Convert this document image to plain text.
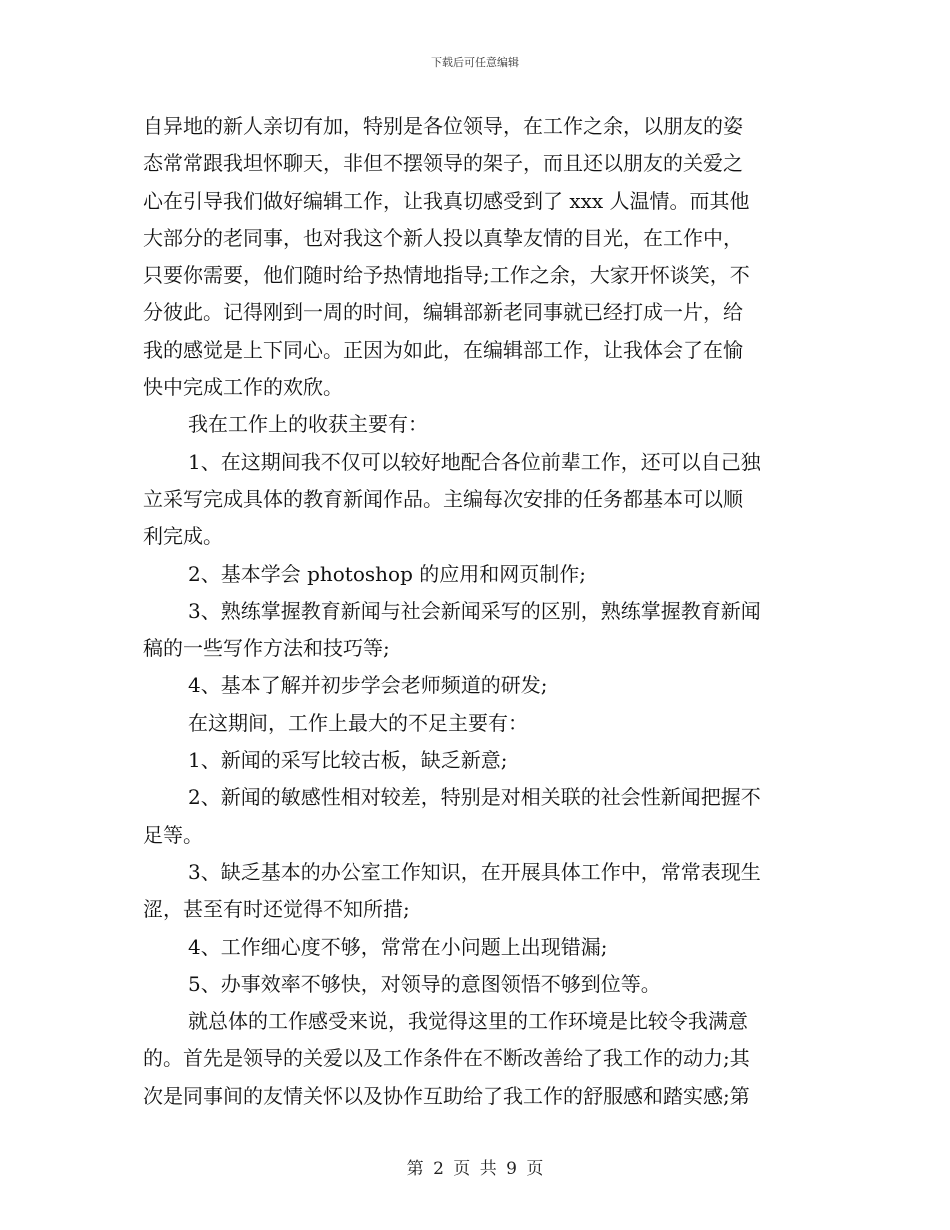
下载后可任意编辑
自异地的新人亲切有加，特别是各位领导，在工作之余，以朋友的姿
态常常跟我坦怀聊天，非但不摆领导的架子，而且还以朋友的关爱之
心在引导我们做好编辑工作，让我真切感受到了 xxx 人温情。而其他
大部分的老同事，也对我这个新人投以真挚友情的目光，在工作中，
只要你需要，他们随时给予热情地指导;工作之余，大家开怀谈笑，不
分彼此。记得刚到一周的时间，编辑部新老同事就已经打成一片，给
我的感觉是上下同心。正因为如此，在编辑部工作，让我体会了在愉
快中完成工作的欢欣。
我在工作上的收获主要有：
1、在这期间我不仅可以较好地配合各位前辈工作，还可以自己独
立采写完成具体的教育新闻作品。主编每次安排的任务都基本可以顺
利完成。
2、基本学会 photoshop 的应用和网页制作;
3、熟练掌握教育新闻与社会新闻采写的区别，熟练掌握教育新闻
稿的一些写作方法和技巧等;
4、基本了解并初步学会老师频道的研发;
在这期间，工作上最大的不足主要有：
1、新闻的采写比较古板，缺乏新意;
2、新闻的敏感性相对较差，特别是对相关联的社会性新闻把握不
足等。
3、缺乏基本的办公室工作知识，在开展具体工作中，常常表现生
涩，甚至有时还觉得不知所措;
4、工作细心度不够，常常在小问题上出现错漏;
5、办事效率不够快，对领导的意图领悟不够到位等。
就总体的工作感受来说，我觉得这里的工作环境是比较令我满意
的。首先是领导的关爱以及工作条件在不断改善给了我工作的动力;其
次是同事间的友情关怀以及协作互助给了我工作的舒服感和踏实感;第
第 2 页 共 9 页
